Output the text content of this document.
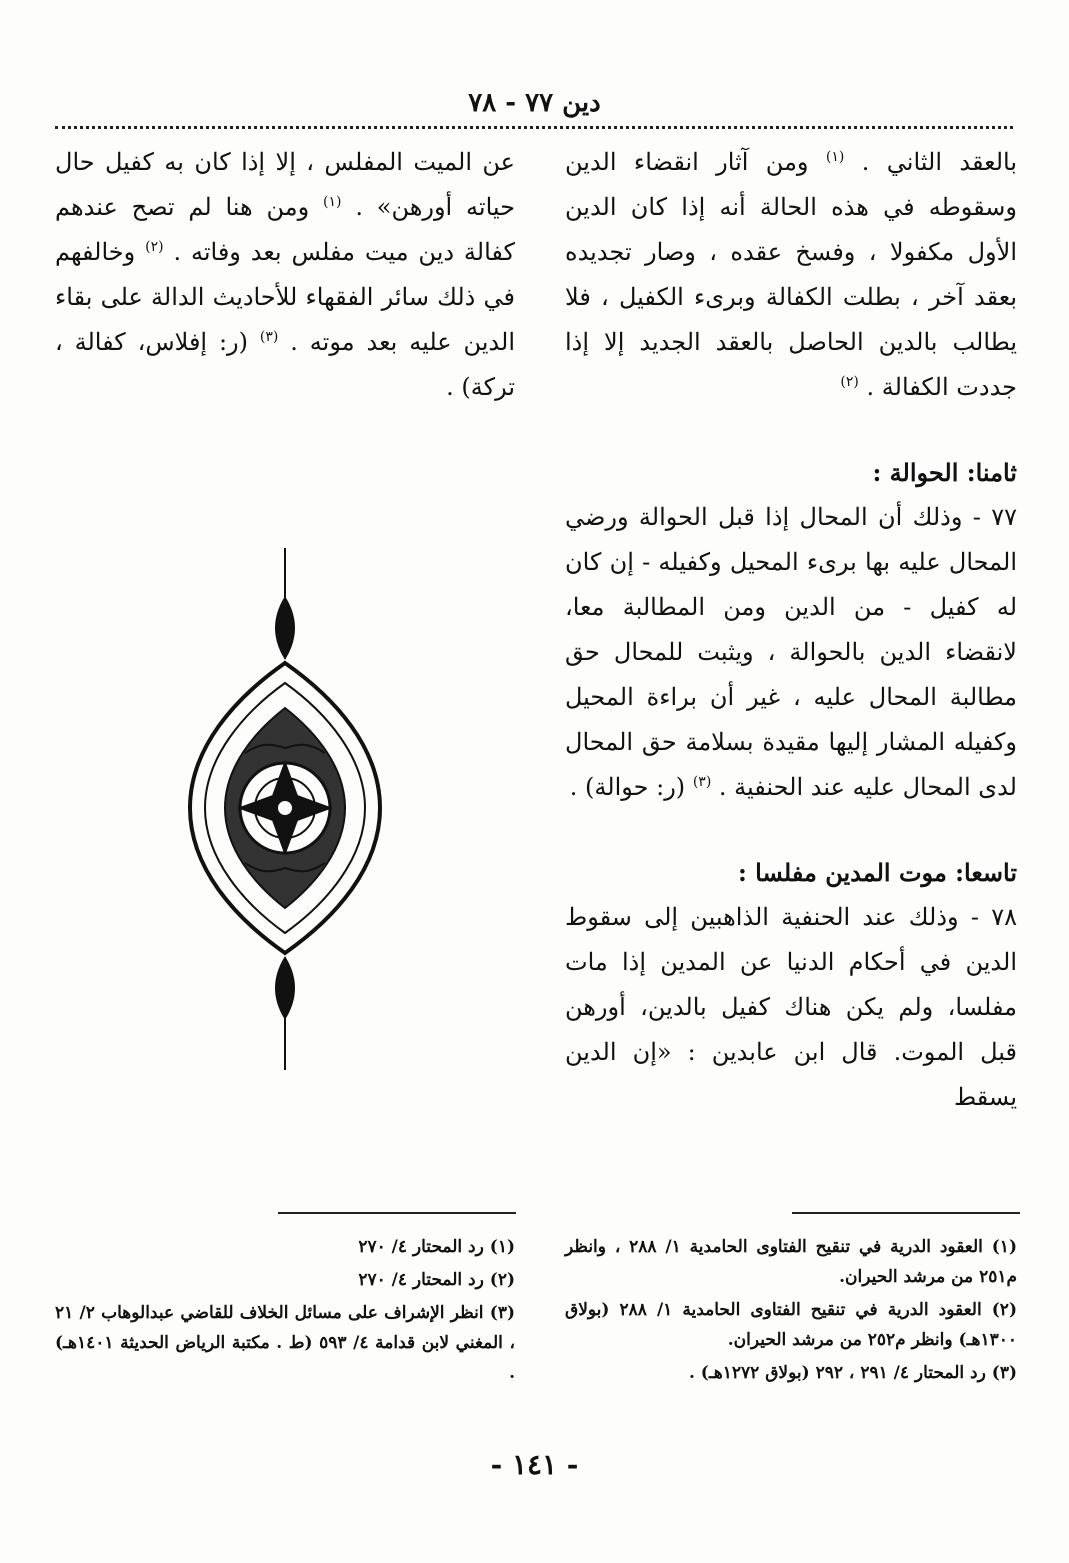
دين ٧٧ - ٧٨

بالعقد الثاني . $^{(١)}$ ومن آثار انقضاء الدين وسقوطه في هذه الحالة أنه إذا كان الدين الأول مكفولا ، وفسخ عقده ، وصار تجديده بعقد آخر ، بطلت الكفالة وبرىء الكفيل ، فلا يطالب بالدين الحاصل بالعقد الجديد إلا إذا جددت الكفالة . $^{(٢)}$

ثامنا: الحوالة :

٧٧ - وذلك أن المحال إذا قبل الحوالة ورضي المحال عليه بها برىء المحيل وكفيله - إن كان له كفيل - من الدين ومن المطالبة معا، لانقضاء الدين بالحوالة ، ويثبت للمحال حق مطالبة المحال عليه ، غير أن براءة المحيل وكفيله المشار إليها مقيدة بسلامة حق المحال لدى المحال عليه عند الحنفية . $^{(٣)}$ (ر: حوالة) .

تاسعا: موت المدين مفلسا :

٧٨ - وذلك عند الحنفية الذاهبين إلى سقوط الدين في أحكام الدنيا عن المدين إذا مات مفلسا، ولم يكن هناك كفيل بالدين، أورهن قبل الموت. قال ابن عابدين : «إن الدين يسقط

عن الميت المفلس ، إلا إذا كان به كفيل حال حياته أورهن» . $^{(١)}$ ومن هنا لم تصح عندهم كفالة دين ميت مفلس بعد وفاته . $^{(٢)}$ وخالفهم في ذلك سائر الفقهاء للأحاديث الدالة على بقاء الدين عليه بعد موته . $^{(٣)}$ (ر: إفلاس، كفالة ، تركة) .

(١) العقود الدرية في تنقيح الفتاوى الحامدية ١/ ٢٨٨ ، وانظر م٢٥١ من مرشد الحيران.

(٢) العقود الدرية في تنقيح الفتاوى الحامدية ١/ ٢٨٨ (بولاق ١٣٠٠هـ) وانظر م٢٥٢ من مرشد الحيران.

(٣) رد المحتار ٤/ ٢٩١ ، ٢٩٢ (بولاق ١٢٧٢هـ) .

(١) رد المحتار ٤/ ٢٧٠

(٢) رد المحتار ٤/ ٢٧٠

(٣) انظر الإشراف على مسائل الخلاف للقاضي عبدالوهاب ٢/ ٢١ ، المغني لابن قدامة ٤/ ٥٩٣ (ط . مكتبة الرياض الحديثة ١٤٠١هـ) .

- ١٤١ -
